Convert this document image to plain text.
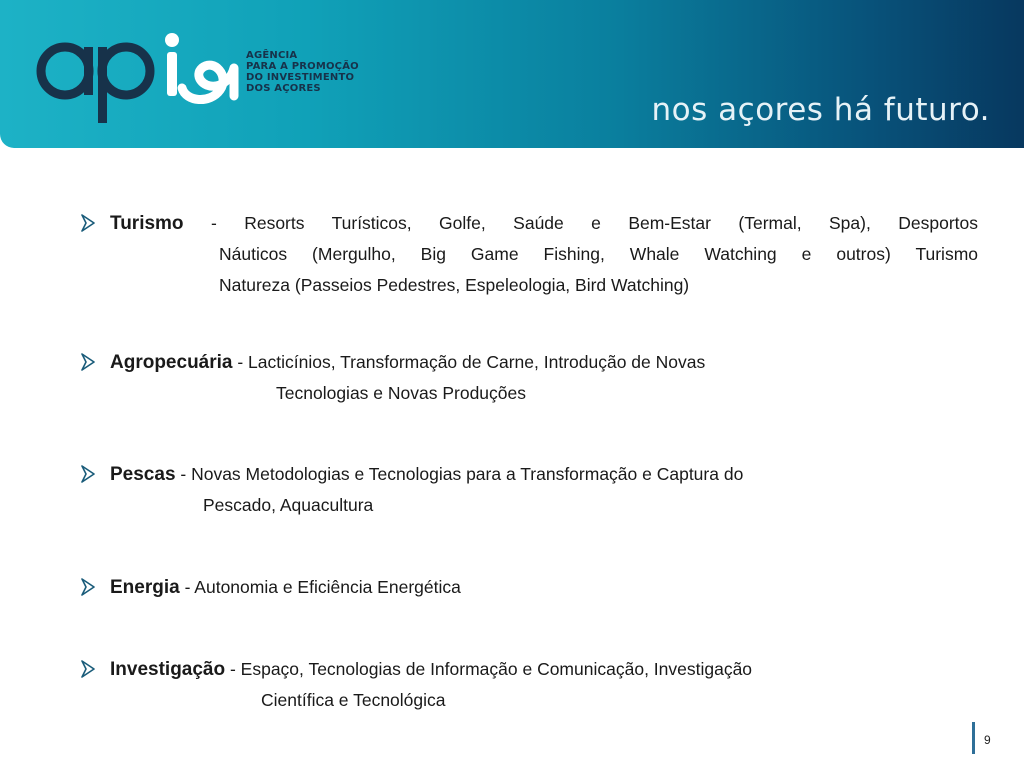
AGÊNCIA
PARA A PROMOÇÃO
DO INVESTIMENTO
DOS AÇORES
nos açores há futuro.
Turismo - Resorts Turísticos, Golfe, Saúde e Bem-Estar (Termal, Spa), Desportos
Náuticos (Mergulho, Big Game Fishing, Whale Watching e outros) Turismo
Natureza (Passeios Pedestres, Espeleologia, Bird Watching)
Agropecuária - Lacticínios, Transformação de Carne, Introdução de Novas
Tecnologias e Novas Produções
Pescas - Novas Metodologias e Tecnologias para a Transformação e Captura do
Pescado, Aquacultura
Energia - Autonomia e Eficiência Energética
Investigação - Espaço, Tecnologias de Informação e Comunicação, Investigação
Científica e Tecnológica
9
